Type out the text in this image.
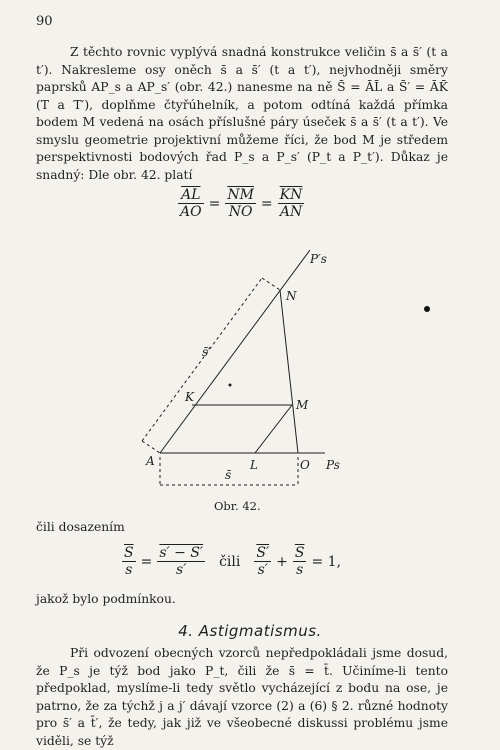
90

Z těchto rovnic vyplývá snadná konstrukce veličin s̄ a s̄′ (t a t′). Nakresleme osy oněch s̄ a s̄′ (t a t′), nejvhodněji směry paprsků AP_s a AP_s′ (obr. 42.) nanesme na ně S̄ = ĀL̄ a S̄′ = ĀK̄ (T a T′), doplňme čtyřúhelník, a potom odtíná každá přímka bodem M vedená na osách příslušné páry úseček s̄ a s̄′ (t a t′). Ve smyslu geometrie projektivní můžeme říci, že bod M je středem perspektivnosti bodových řad P_s a P_s′ (P_t a P_t′). Důkaz je snadný: Dle obr. 42. platí

$\frac{\overline{AL}}{AO} = \frac{\overline{NM}}{NO} = \frac{\overline{KN}}{AN}$
P′s
N
s̄′
K
M
A	L	O Ps
s̄
Obr. 42.
čili dosazením
$\frac{\overline{S}}{s} = \frac{s' - S'}{s'}$ čili $\frac{S'}{s'} + \frac{\overline{S}}{s} = 1$,
jakož bylo podmínkou.
4. Astigmatismus.

Při odvození obecných vzorců nepředpokládali jsme dosud, že P_s je týž bod jako P_t, čili že s̄ = t̄. Učiníme-li tento předpoklad, myslíme-li tedy světlo vycházející z bodu na ose, je patrno, že za týchž j a j′ dávají vzorce (2) a (6) § 2. různé hodnoty pro s̄′ a t̄′, že tedy, jak již ve všeobecné diskussi problému jsme viděli, se týž
